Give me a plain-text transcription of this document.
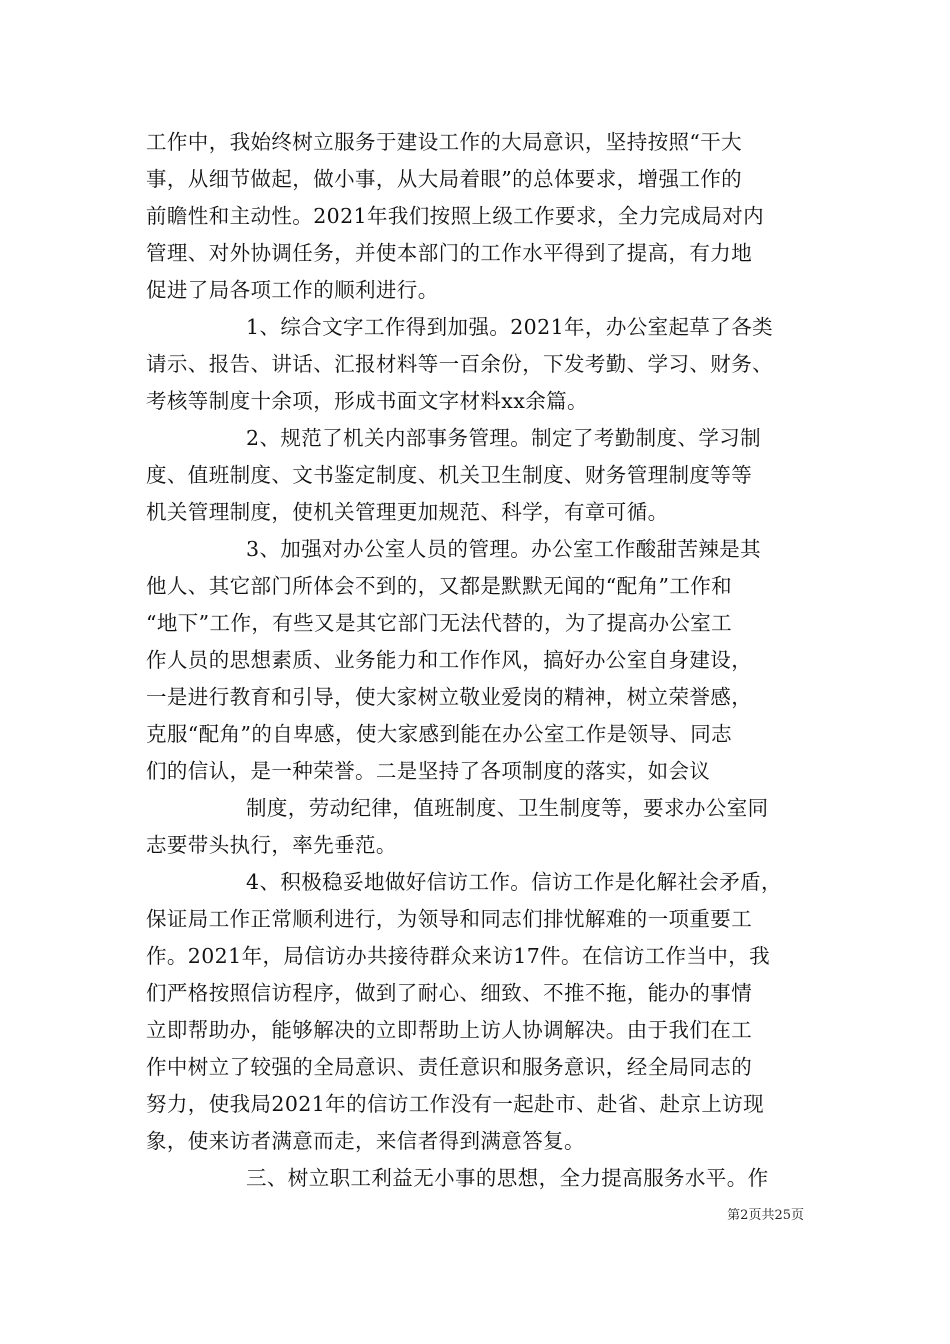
工作中，我始终树立服务于建设工作的大局意识，坚持按照“干大
事，从细节做起，做小事，从大局着眼”的总体要求，增强工作的
前瞻性和主动性。2021年我们按照上级工作要求，全力完成局对内
管理、对外协调任务，并使本部门的工作水平得到了提高，有力地
促进了局各项工作的顺利进行。
1、综合文字工作得到加强。2021年，办公室起草了各类
请示、报告、讲话、汇报材料等一百余份，下发考勤、学习、财务、
考核等制度十余项，形成书面文字材料xx余篇。
2、规范了机关内部事务管理。制定了考勤制度、学习制
度、值班制度、文书鉴定制度、机关卫生制度、财务管理制度等等
机关管理制度，使机关管理更加规范、科学，有章可循。
3、加强对办公室人员的管理。办公室工作酸甜苦辣是其
他人、其它部门所体会不到的，又都是默默无闻的“配角”工作和
“地下”工作，有些又是其它部门无法代替的，为了提高办公室工
作人员的思想素质、业务能力和工作作风，搞好办公室自身建设，
一是进行教育和引导，使大家树立敬业爱岗的精神，树立荣誉感，
克服“配角”的自卑感，使大家感到能在办公室工作是领导、同志
们的信认，是一种荣誉。二是坚持了各项制度的落实，如会议
制度，劳动纪律，值班制度、卫生制度等，要求办公室同
志要带头执行，率先垂范。
4、积极稳妥地做好信访工作。信访工作是化解社会矛盾，
保证局工作正常顺利进行，为领导和同志们排忧解难的一项重要工
作。2021年，局信访办共接待群众来访17件。在信访工作当中，我
们严格按照信访程序，做到了耐心、细致、不推不拖，能办的事情
立即帮助办，能够解决的立即帮助上访人协调解决。由于我们在工
作中树立了较强的全局意识、责任意识和服务意识，经全局同志的
努力，使我局2021年的信访工作没有一起赴市、赴省、赴京上访现
象，使来访者满意而走，来信者得到满意答复。
三、树立职工利益无小事的思想，全力提高服务水平。作
第2页共25页
